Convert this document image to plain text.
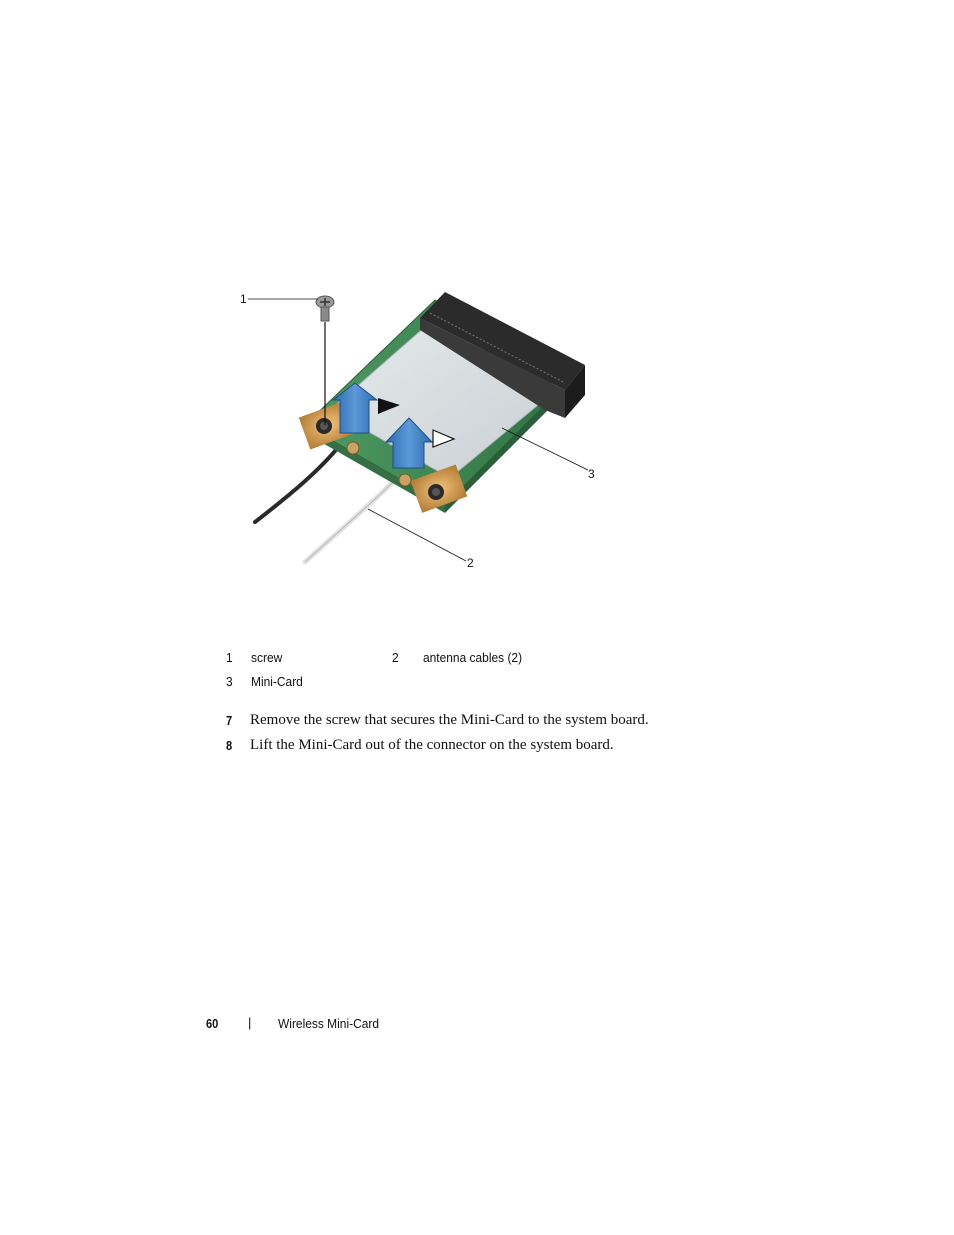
1
2
3
1 screw	2 antenna cables (2)
3 Mini-Card
7 Remove the screw that secures the Mini-Card to the system board.
8 Lift the Mini-Card out of the connector on the system board.
60 | Wireless Mini-Card
